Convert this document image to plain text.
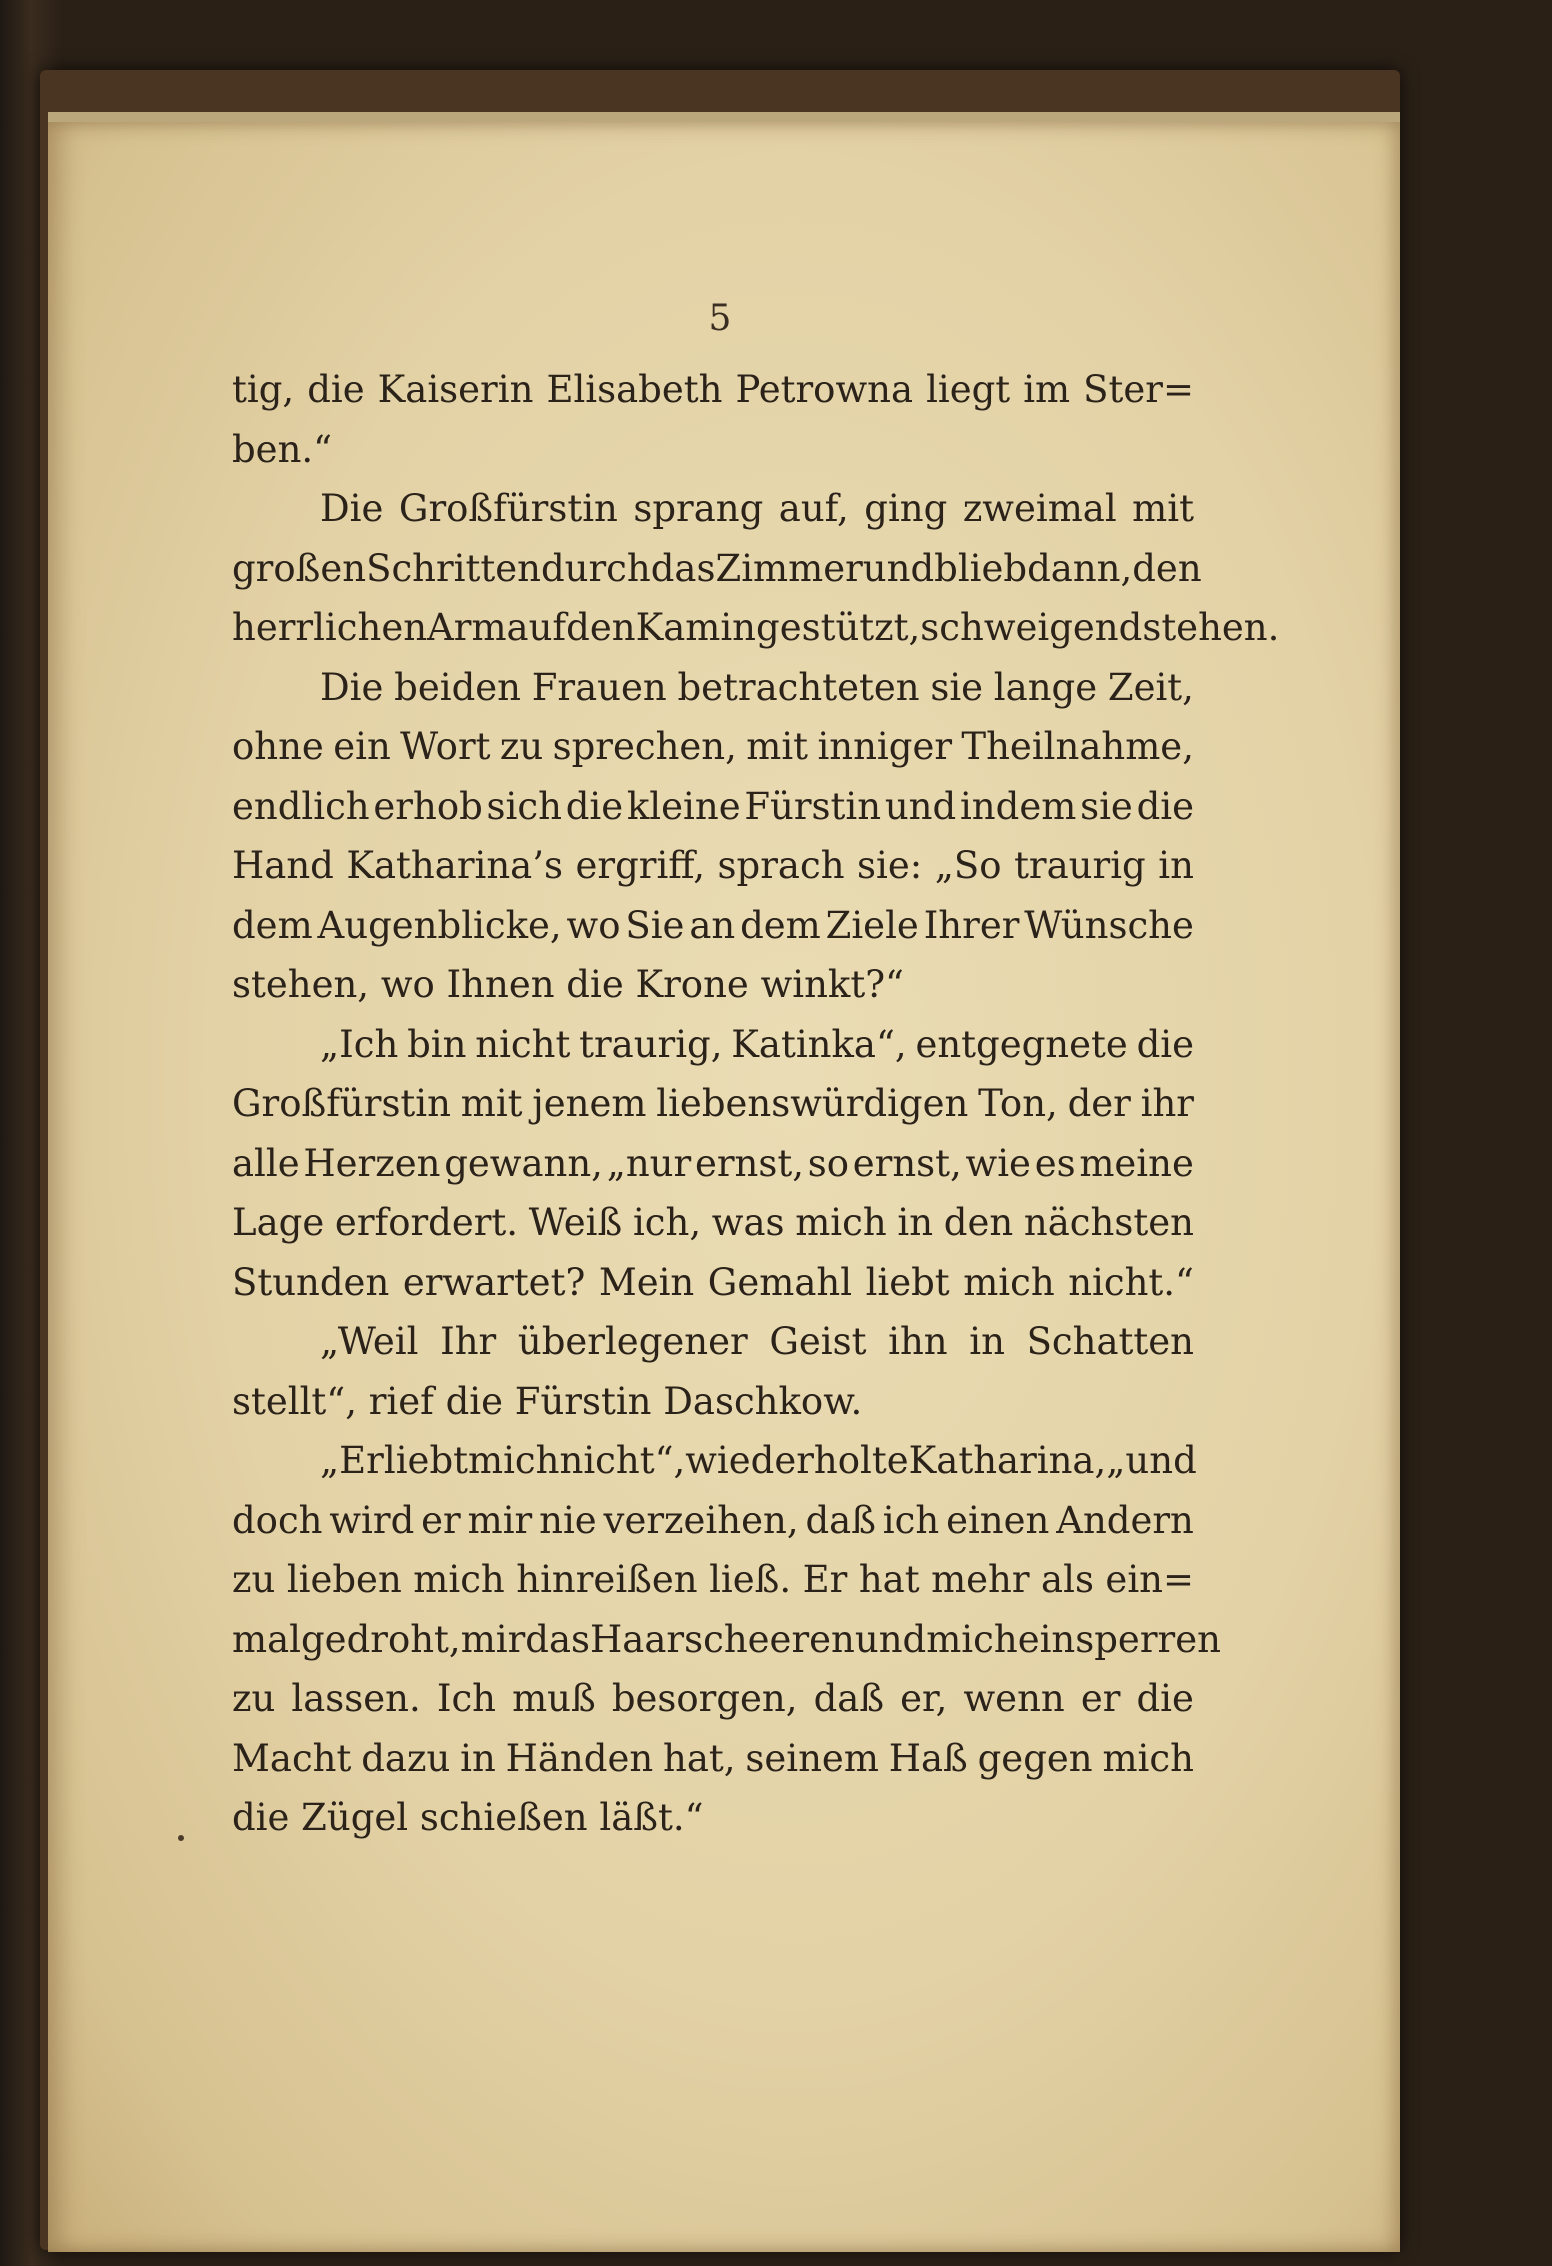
5
tig, die Kaiserin Elisabeth Petrowna liegt im Ster=
ben.“
Die Großfürstin sprang auf, ging zweimal mit
großen Schritten durch das Zimmer und blieb dann, den
herrlichen Arm auf den Kamin gestützt, schweigend stehen.
Die beiden Frauen betrachteten sie lange Zeit,
ohne ein Wort zu sprechen, mit inniger Theilnahme,
endlich erhob sich die kleine Fürstin und indem sie die
Hand Katharina’s ergriff, sprach sie: „So traurig in
dem Augenblicke, wo Sie an dem Ziele Ihrer Wünsche
stehen, wo Ihnen die Krone winkt?“
„Ich bin nicht traurig, Katinka“, entgegnete die
Großfürstin mit jenem liebenswürdigen Ton, der ihr
alle Herzen gewann, „nur ernst, so ernst, wie es meine
Lage erfordert. Weiß ich, was mich in den nächsten
Stunden erwartet? Mein Gemahl liebt mich nicht.“
„Weil Ihr überlegener Geist ihn in Schatten
stellt“, rief die Fürstin Daschkow.
„Er liebt mich nicht“, wiederholte Katharina, „und
doch wird er mir nie verzeihen, daß ich einen Andern
zu lieben mich hinreißen ließ. Er hat mehr als ein=
mal gedroht, mir das Haar scheeren und mich einsperren
zu lassen. Ich muß besorgen, daß er, wenn er die
Macht dazu in Händen hat, seinem Haß gegen mich
die Zügel schießen läßt.“
